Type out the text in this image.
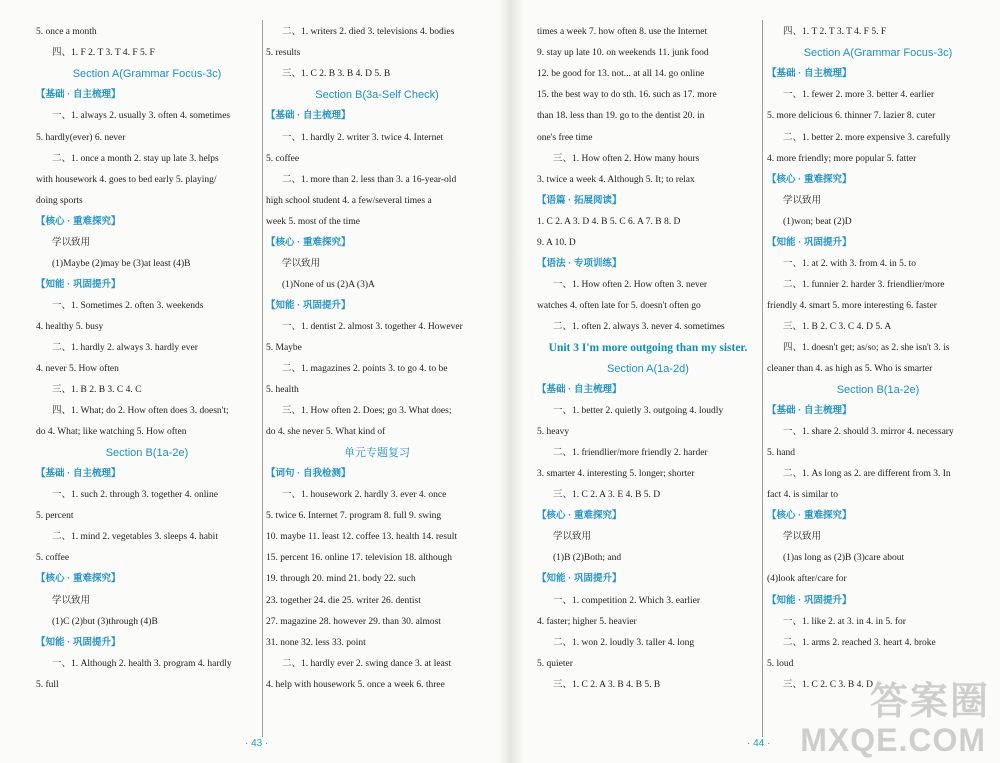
5. once a month
四、1. F 2. T 3. T 4. F 5. F
Section A(Grammar Focus-3c)
【基础 · 自主梳理】
一、1. always 2. usually 3. often 4. sometimes
5. hardly(ever) 6. never
二、1. once a month 2. stay up late 3. helps
with housework 4. goes to bed early 5. playing/
doing sports
【核心 · 重难探究】
学以致用
(1)Maybe (2)may be (3)at least (4)B
【知能 · 巩固提升】
一、1. Sometimes 2. often 3. weekends
4. healthy 5. busy
二、1. hardly 2. always 3. hardly ever
4. never 5. How often
三、1. B 2. B 3. C 4. C
四、1. What; do 2. How often does 3. doesn't;
do 4. What; like watching 5. How often
Section B(1a-2e)
【基础 · 自主梳理】
一、1. such 2. through 3. together 4. online
5. percent
二、1. mind 2. vegetables 3. sleeps 4. habit
5. coffee
【核心 · 重难探究】
学以致用
(1)C (2)but (3)through (4)B
【知能 · 巩固提升】
一、1. Although 2. health 3. program 4. hardly
5. full
二、1. writers 2. died 3. televisions 4. bodies
5. results
三、1. C 2. B 3. B 4. D 5. B
Section B(3a-Self Check)
【基础 · 自主梳理】
一、1. hardly 2. writer 3. twice 4. Internet
5. coffee
二、1. more than 2. less than 3. a 16-year-old
high school student 4. a few/several times a
week 5. most of the time
【核心 · 重难探究】
学以致用
(1)None of us (2)A (3)A
【知能 · 巩固提升】
一、1. dentist 2. almost 3. together 4. However
5. Maybe
二、1. magazines 2. points 3. to go 4. to be
5. health
三、1. How often 2. Does; go 3. What does;
do 4. she never 5. What kind of
单元专题复习
【词句 · 自我检测】
一、1. housework 2. hardly 3. ever 4. once
5. twice 6. Internet 7. program 8. full 9. swing
10. maybe 11. least 12. coffee 13. health 14. result
15. percent 16. online 17. television 18. although
19. through 20. mind 21. body 22. such
23. together 24. die 25. writer 26. dentist
27. magazine 28. however 29. than 30. almost
31. none 32. less 33. point
二、1. hardly ever 2. swing dance 3. at least
4. help with housework 5. once a week 6. three
times a week 7. how often 8. use the Internet
9. stay up late 10. on weekends 11. junk food
12. be good for 13. not... at all 14. go online
15. the best way to do sth. 16. such as 17. more
than 18. less than 19. go to the dentist 20. in
one's free time
三、1. How often 2. How many hours
3. twice a week 4. Although 5. It; to relax
【语篇 · 拓展阅读】
1. C 2. A 3. D 4. B 5. C 6. A 7. B 8. D
9. A 10. D
【语法 · 专项训练】
一、1. How often 2. How often 3. never
watches 4. often late for 5. doesn't often go
二、1. often 2. always 3. never 4. sometimes
Unit 3 I'm more outgoing than my sister.
Section A(1a-2d)
【基础 · 自主梳理】
一、1. better 2. quietly 3. outgoing 4. loudly
5. heavy
二、1. friendlier/more friendly 2. harder
3. smarter 4. interesting 5. longer; shorter
三、1. C 2. A 3. E 4. B 5. D
【核心 · 重难探究】
学以致用
(1)B (2)Both; and
【知能 · 巩固提升】
一、1. competition 2. Which 3. earlier
4. faster; higher 5. heavier
二、1. won 2. loudly 3. taller 4. long
5. quieter
三、1. C 2. A 3. B 4. B 5. B
四、1. T 2. T 3. T 4. F 5. F
Section A(Grammar Focus-3c)
【基础 · 自主梳理】
一、1. fewer 2. more 3. better 4. earlier
5. more delicious 6. thinner 7. lazier 8. cuter
二、1. better 2. more expensive 3. carefully
4. more friendly; more popular 5. fatter
【核心 · 重难探究】
学以致用
(1)won; beat (2)D
【知能 · 巩固提升】
一、1. at 2. with 3. from 4. in 5. to
二、1. funnier 2. harder 3. friendlier/more
friendly 4. smart 5. more interesting 6. faster
三、1. B 2. C 3. C 4. D 5. A
四、1. doesn't get; as/so; as 2. she isn't 3. is
cleaner than 4. as high as 5. Who is smarter
Section B(1a-2e)
【基础 · 自主梳理】
一、1. share 2. should 3. mirror 4. necessary
5. hand
二、1. As long as 2. are different from 3. In
fact 4. is similar to
【核心 · 重难探究】
学以致用
(1)as long as (2)B (3)care about
(4)look after/care for
【知能 · 巩固提升】
一、1. like 2. at 3. in 4. in 5. for
二、1. arms 2. reached 3. heart 4. broke
5. loud
三、1. C 2. C 3. B 4. D
· 43 ·	· 44 ·
答案圈
MXQE.COM
